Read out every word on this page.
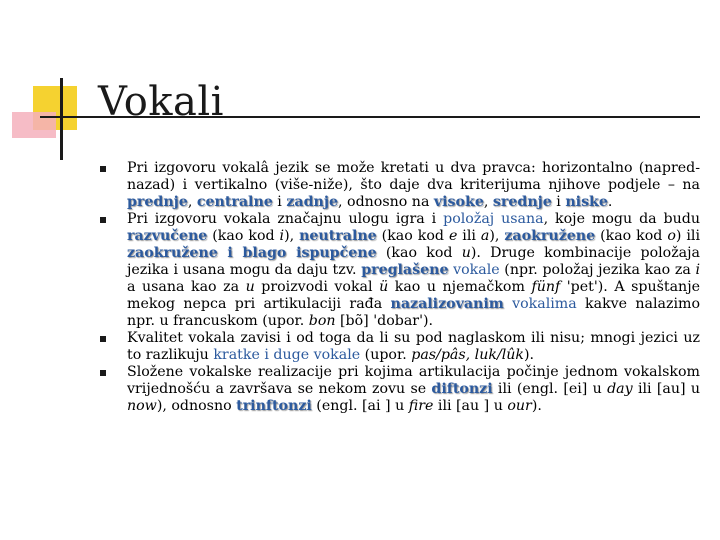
Vokali
Pri izgovoru vokalâ jezik se može kretati u dva pravca: horizontalno (napred-nazad) i vertikalno (više-niže), što daje dva kriterijuma njihove podjele – na prednje, centralne i zadnje, odnosno na visoke, srednje i niske.
Pri izgovoru vokala značajnu ulogu igra i položaj usana, koje mogu da budu razvučene (kao kod i), neutralne (kao kod e ili a), zaokružene (kao kod o) ili zaokružene i blago ispupčene (kao kod u). Druge kombinacije položaja jezika i usana mogu da daju tzv. preglašene vokale (npr. položaj jezika kao za i a usana kao za u proizvodi vokal ü kao u njemačkom fünf 'pet'). A spuštanje mekog nepca pri artikulaciji rađa nazalizovanim vokalima kakve nalazimo npr. u francuskom (upor. bon [bõ] 'dobar').
Kvalitet vokala zavisi i od toga da li su pod naglaskom ili nisu; mnogi jezici uz to razlikuju kratke i duge vokale (upor. pas/pâs, luk/lûk).
Složene vokalske realizacije pri kojima artikulacija počinje jednom vokalskom vrijednošću a završava se nekom zovu se diftonzi ili (engl. [ei] u day ili [au] u now), odnosno trinftonzi (engl. [ai ] u fire ili [au ] u our).
